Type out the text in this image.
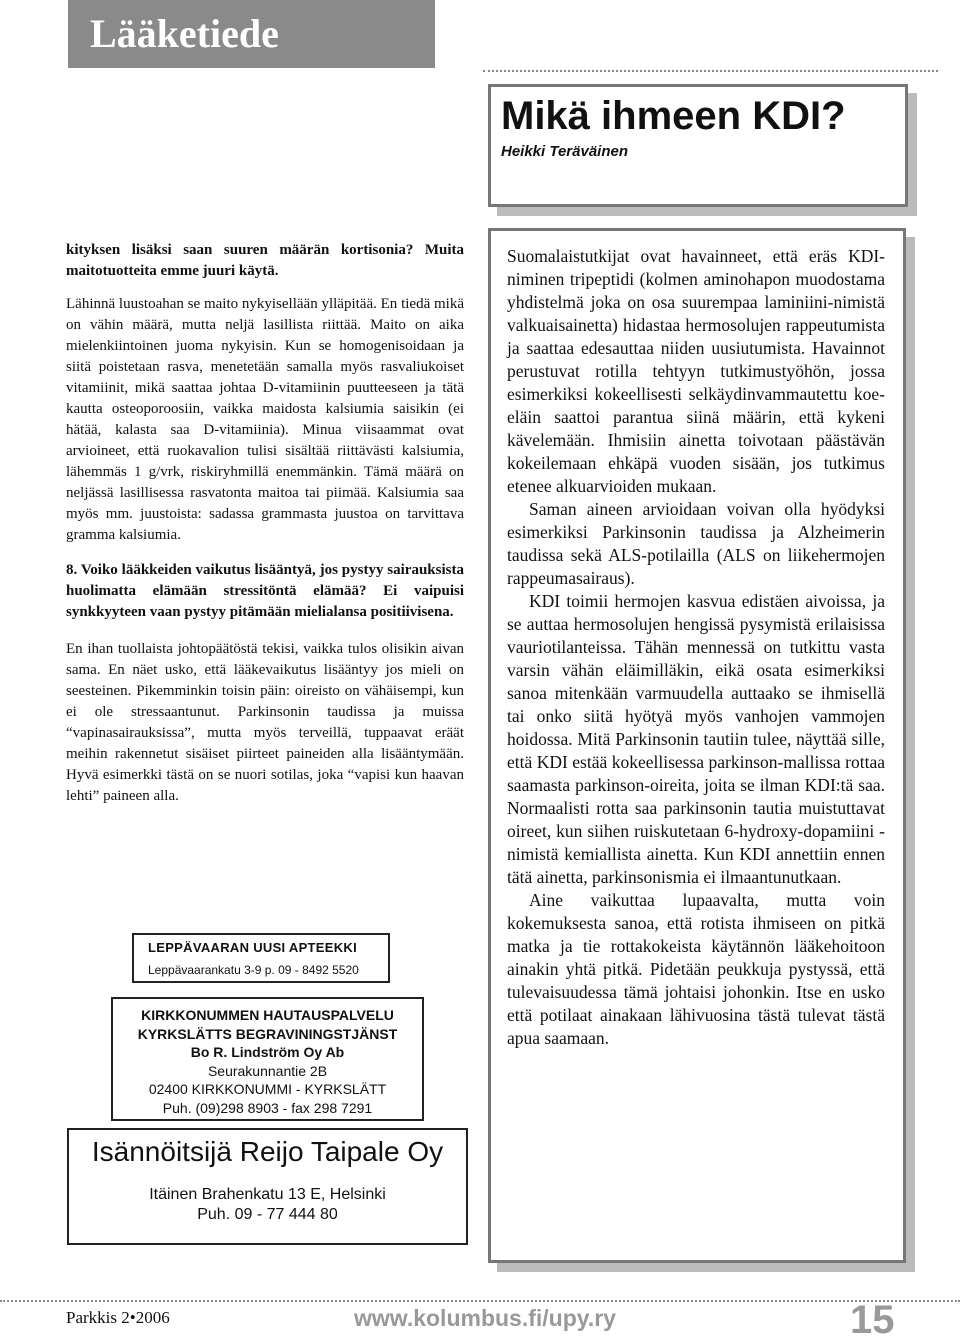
Lääketiede
Mikä ihmeen KDI?
Heikki Teräväinen

kityksen lisäksi saan suuren määrän kortisonia? Muita maitotuotteita emme juuri käytä.

Lähinnä luustoahan se maito nykyisellään ylläpitää. En tiedä mikä on vähin määrä, mutta neljä lasillista riittää. Maito on aika mielenkiintoinen juoma nykyisin. Kun se homogenisoidaan ja siitä poistetaan rasva, menetetään samalla myös rasvaliukoiset vitamiinit, mikä saattaa johtaa D-vitamiinin puutteeseen ja tätä kautta osteoporoosiin, vaikka maidosta kalsiumia saisikin (ei hätää, kalasta saa D-vitamiinia). Minua viisaammat ovat arvioineet, että ruokavalion tulisi sisältää riittävästi kalsiumia, lähemmäs 1 g/vrk, riskiryhmillä enemmänkin. Tämä määrä on neljässä lasillisessa rasvatonta maitoa tai piimää. Kalsiumia saa myös mm. juustoista: sadassa grammasta juustoa on tarvittava gramma kalsiumia.

8. Voiko lääkkeiden vaikutus lisääntyä, jos pystyy sairauksista huolimatta elämään stressitöntä elämää? Ei vaipuisi synkkyyteen vaan pystyy pitämään mielialansa positiivisena.

En ihan tuollaista johtopäätöstä tekisi, vaikka tulos olisikin aivan sama. En näet usko, että lääkevaikutus lisääntyy jos mieli on seesteinen. Pikemminkin toisin päin: oireisto on vähäisempi, kun ei ole stressaantunut. Parkinsonin taudissa ja muissa “vapinasairauksissa”, mutta myös terveillä, tuppaavat eräät meihin rakennetut sisäiset piirteet paineiden alla lisääntymään. Hyvä esimerkki tästä on se nuori sotilas, joka “vapisi kun haavan lehti” paineen alla.

Suomalaistutkijat ovat havainneet, että eräs KDI-niminen tripeptidi (kolmen aminohapon muodostama yhdistelmä joka on osa suurempaa laminiini-nimistä valkuaisainetta) hidastaa hermosolujen rappeutumista ja saattaa edesauttaa niiden uusiutumista. Havainnot perustuvat rotilla tehtyyn tutkimustyöhön, jossa esimerkiksi kokeellisesti selkäydinvammautettu koe-eläin saattoi parantua siinä määrin, että kykeni kävelemään. Ihmisiin ainetta toivotaan päästävän kokeilemaan ehkäpä vuoden sisään, jos tutkimus etenee alkuarvioiden mukaan.

Saman aineen arvioidaan voivan olla hyödyksi esimerkiksi Parkinsonin taudissa ja Alzheimerin taudissa sekä ALS-potilailla (ALS on liikehermojen rappeumasairaus).

KDI toimii hermojen kasvua edistäen aivoissa, ja se auttaa hermosolujen hengissä pysymistä erilaisissa vauriotilanteissa. Tähän mennessä on tutkittu vasta varsin vähän eläimilläkin, eikä osata esimerkiksi sanoa mitenkään varmuudella auttaako se ihmisellä tai onko siitä hyötyä myös vanhojen vammojen hoidossa. Mitä Parkinsonin tautiin tulee, näyttää sille, että KDI estää kokeellisessa parkinson-mallissa rottaa saamasta parkinson-oireita, joita se ilman KDI:tä saa. Normaalisti rotta saa parkinsonin tautia muistuttavat oireet, kun siihen ruiskutetaan 6-hydroxy-dopamiini -nimistä kemiallista ainetta. Kun KDI annettiin ennen tätä ainetta, parkinsonismia ei ilmaantunutkaan.

Aine vaikuttaa lupaavalta, mutta voin kokemuksesta sanoa, että rotista ihmiseen on pitkä matka ja tie rottakokeista käytännön lääkehoitoon ainakin yhtä pitkä. Pidetään peukkuja pystyssä, että tulevaisuudessa tämä johtaisi johonkin. Itse en usko että potilaat ainakaan lähivuosina tästä tulevat tästä apua saamaan.

LEPPÄVAARAN UUSI APTEEKKI
Leppävaarankatu 3-9 p. 09 - 8492 5520
KIRKKONUMMEN HAUTAUSPALVELU
KYRKSLÄTTS BEGRAVININGSTJÄNST
Bo R. Lindström Oy Ab
Seurakunnantie 2B
02400 KIRKKONUMMI - KYRKSLÄTT
Puh. (09)298 8903 - fax 298 7291
Isännöitsijä Reijo Taipale Oy
Itäinen Brahenkatu 13 E, Helsinki
Puh. 09 - 77 444 80
Parkkis 2•2006	www.kolumbus.fi/upy.ry	15
